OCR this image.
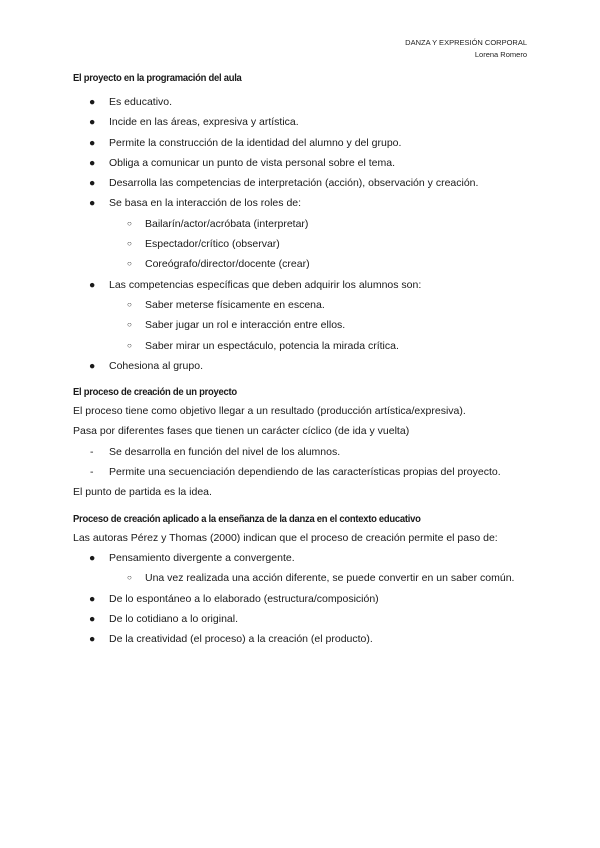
DANZA Y EXPRESIÓN CORPORAL
Lorena Romero
El proyecto en la programación del aula
● Es educativo.
● Incide en las áreas, expresiva y artística.
● Permite la construcción de la identidad del alumno y del grupo.
● Obliga a comunicar un punto de vista personal sobre el tema.
● Desarrolla las competencias de interpretación (acción), observación y creación.
● Se basa en la interacción de los roles de:
○ Bailarín/actor/acróbata (interpretar)
○ Espectador/crítico (observar)
○ Coreógrafo/director/docente (crear)
● Las competencias específicas que deben adquirir los alumnos son:
○ Saber meterse físicamente en escena.
○ Saber jugar un rol e interacción entre ellos.
○ Saber mirar un espectáculo, potencia la mirada crítica.
● Cohesiona al grupo.
El proceso de creación de un proyecto
El proceso tiene como objetivo llegar a un resultado (producción artística/expresiva).
Pasa por diferentes fases que tienen un carácter cíclico (de ida y vuelta)
- Se desarrolla en función del nivel de los alumnos.
- Permite una secuenciación dependiendo de las características propias del proyecto.
El punto de partida es la idea.
Proceso de creación aplicado a la enseñanza de la danza en el contexto educativo
Las autoras Pérez y Thomas (2000) indican que el proceso de creación permite el paso de:
● Pensamiento divergente a convergente.
○ Una vez realizada una acción diferente, se puede convertir en un saber común.
● De lo espontáneo a lo elaborado (estructura/composición)
● De lo cotidiano a lo original.
● De la creatividad (el proceso) a la creación (el producto).
